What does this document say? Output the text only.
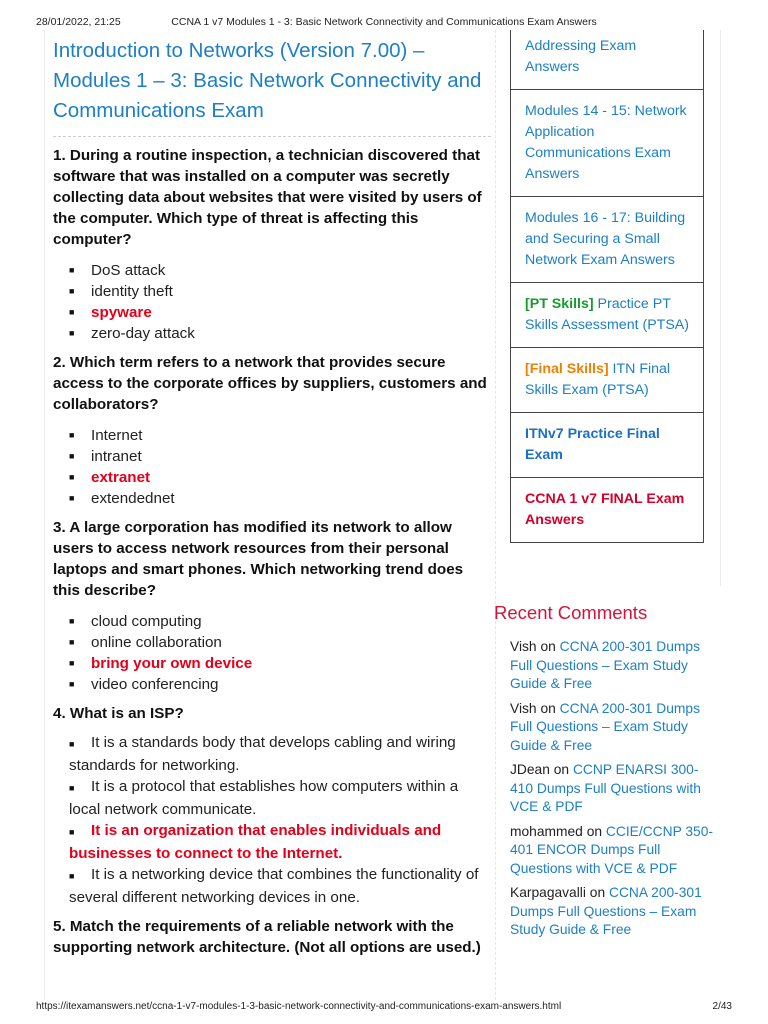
28/01/2022, 21:25	CCNA 1 v7 Modules 1 - 3: Basic Network Connectivity and Communications Exam Answers
Introduction to Networks (Version 7.00) – Modules 1 – 3: Basic Network Connectivity and Communications Exam
1. During a routine inspection, a technician discovered that software that was installed on a computer was secretly collecting data about websites that were visited by users of the computer. Which type of threat is affecting this computer?
■ DoS attack
■ identity theft
■ spyware
■ zero-day attack
2. Which term refers to a network that provides secure access to the corporate offices by suppliers, customers and collaborators?
■ Internet
■ intranet
■ extranet
■ extendednet
3. A large corporation has modified its network to allow users to access network resources from their personal laptops and smart phones. Which networking trend does this describe?
■ cloud computing
■ online collaboration
■ bring your own device
■ video conferencing
4. What is an ISP?
■ It is a standards body that develops cabling and wiring standards for networking.
■ It is a protocol that establishes how computers within a local network communicate.
■ It is an organization that enables individuals and businesses to connect to the Internet.
■ It is a networking device that combines the functionality of several different networking devices in one.
5. Match the requirements of a reliable network with the supporting network architecture. (Not all options are used.)
Addressing Exam Answers
Modules 14 - 15: Network Application Communications Exam Answers
Modules 16 - 17: Building and Securing a Small Network Exam Answers
[PT Skills] Practice PT Skills Assessment (PTSA)
[Final Skills] ITN Final Skills Exam (PTSA)
ITNv7 Practice Final Exam
CCNA 1 v7 FINAL Exam Answers
Recent Comments
Vish on CCNA 200-301 Dumps Full Questions – Exam Study Guide & Free
Vish on CCNA 200-301 Dumps Full Questions – Exam Study Guide & Free
JDean on CCNP ENARSI 300-410 Dumps Full Questions with VCE & PDF
mohammed on CCIE/CCNP 350-401 ENCOR Dumps Full Questions with VCE & PDF
Karpagavalli on CCNA 200-301 Dumps Full Questions – Exam Study Guide & Free
https://itexamanswers.net/ccna-1-v7-modules-1-3-basic-network-connectivity-and-communications-exam-answers.html	2/43
